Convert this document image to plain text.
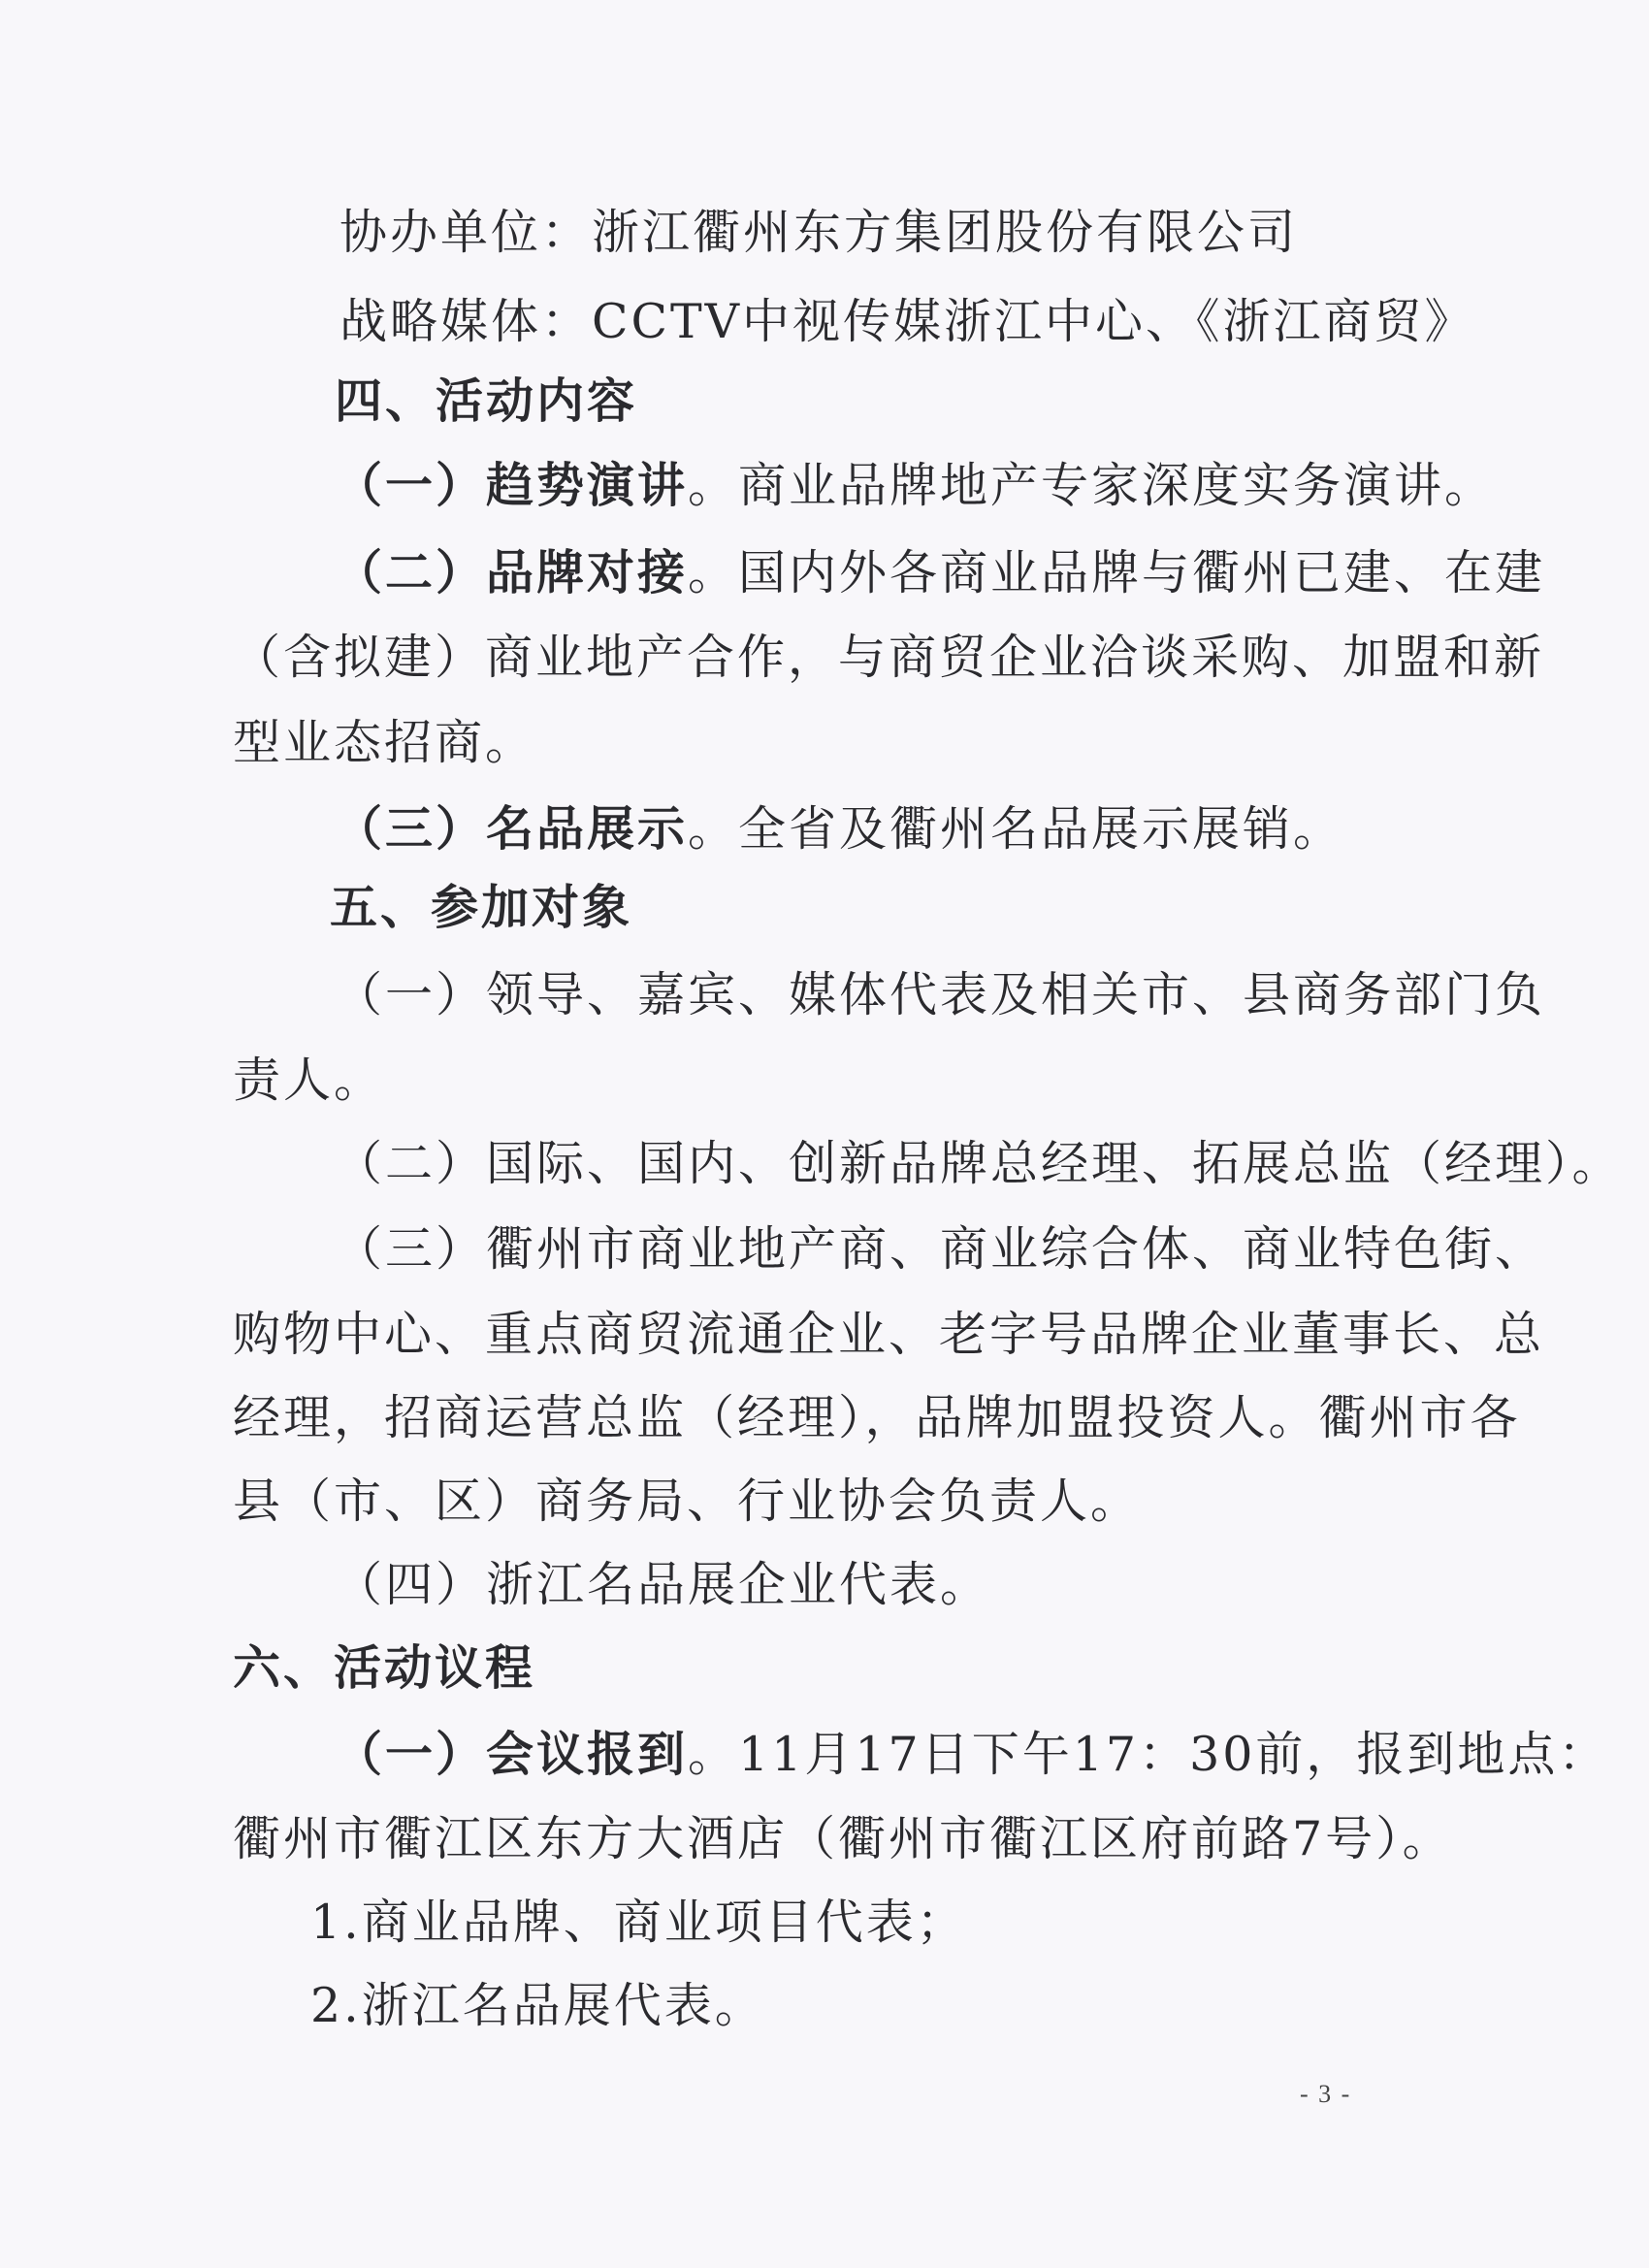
协办单位：浙江衢州东方集团股份有限公司
战略媒体：CCTV中视传媒浙江中心、《浙江商贸》
四、活动内容
（一）趋势演讲。商业品牌地产专家深度实务演讲。
（二）品牌对接。国内外各商业品牌与衢州已建、在建
（含拟建）商业地产合作，与商贸企业洽谈采购、加盟和新
型业态招商。
（三）名品展示。全省及衢州名品展示展销。
五、参加对象
（一）领导、嘉宾、媒体代表及相关市、县商务部门负
责人。
（二）国际、国内、创新品牌总经理、拓展总监（经理）。
（三）衢州市商业地产商、商业综合体、商业特色街、
购物中心、重点商贸流通企业、老字号品牌企业董事长、总
经理，招商运营总监（经理），品牌加盟投资人。衢州市各
县（市、区）商务局、行业协会负责人。
（四）浙江名品展企业代表。
六、活动议程
（一）会议报到。11月17日下午17：30前，报到地点：
衢州市衢江区东方大酒店（衢州市衢江区府前路7号）。
1.商业品牌、商业项目代表；
2.浙江名品展代表。
- 3 -
